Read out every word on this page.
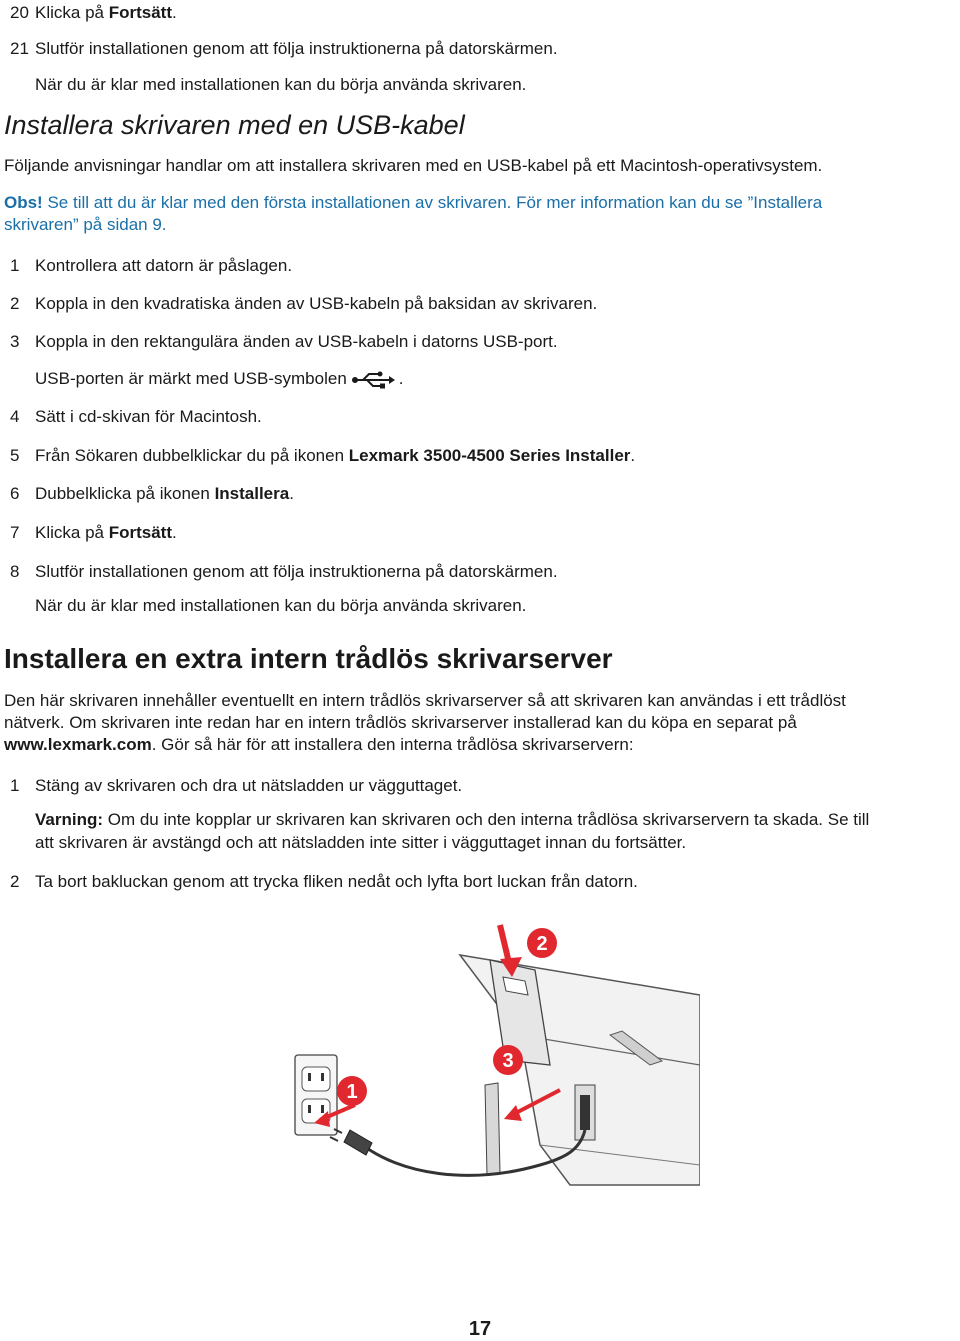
20 Klicka på Fortsätt.
21 Slutför installationen genom att följa instruktionerna på datorskärmen.
När du är klar med installationen kan du börja använda skrivaren.
Installera skrivaren med en USB-kabel
Följande anvisningar handlar om att installera skrivaren med en USB-kabel på ett Macintosh-operativsystem.
Obs! Se till att du är klar med den första installationen av skrivaren. För mer information kan du se ”Installera
skrivaren” på sidan 9.
1 Kontrollera att datorn är påslagen.
2 Koppla in den kvadratiska änden av USB-kabeln på baksidan av skrivaren.
3 Koppla in den rektangulära änden av USB-kabeln i datorns USB-port.
USB-porten är märkt med USB-symbolen	.
4 Sätt i cd-skivan för Macintosh.
5 Från Sökaren dubbelklickar du på ikonen Lexmark 3500-4500 Series Installer.
6 Dubbelklicka på ikonen Installera.
7 Klicka på Fortsätt.
8 Slutför installationen genom att följa instruktionerna på datorskärmen.
När du är klar med installationen kan du börja använda skrivaren.
Installera en extra intern trådlös skrivarserver
Den här skrivaren innehåller eventuellt en intern trådlös skrivarserver så att skrivaren kan användas i ett trådlöst
nätverk. Om skrivaren inte redan har en intern trådlös skrivarserver installerad kan du köpa en separat på
www.lexmark.com. Gör så här för att installera den interna trådlösa skrivarservern:
1 Stäng av skrivaren och dra ut nätsladden ur vägguttaget.
Varning: Om du inte kopplar ur skrivaren kan skrivaren och den interna trådlösa skrivarservern ta skada. Se till
att skrivaren är avstängd och att nätsladden inte sitter i vägguttaget innan du fortsätter.
2 Ta bort bakluckan genom att trycka fliken nedåt och lyfta bort luckan från datorn.
1
2
3
17
